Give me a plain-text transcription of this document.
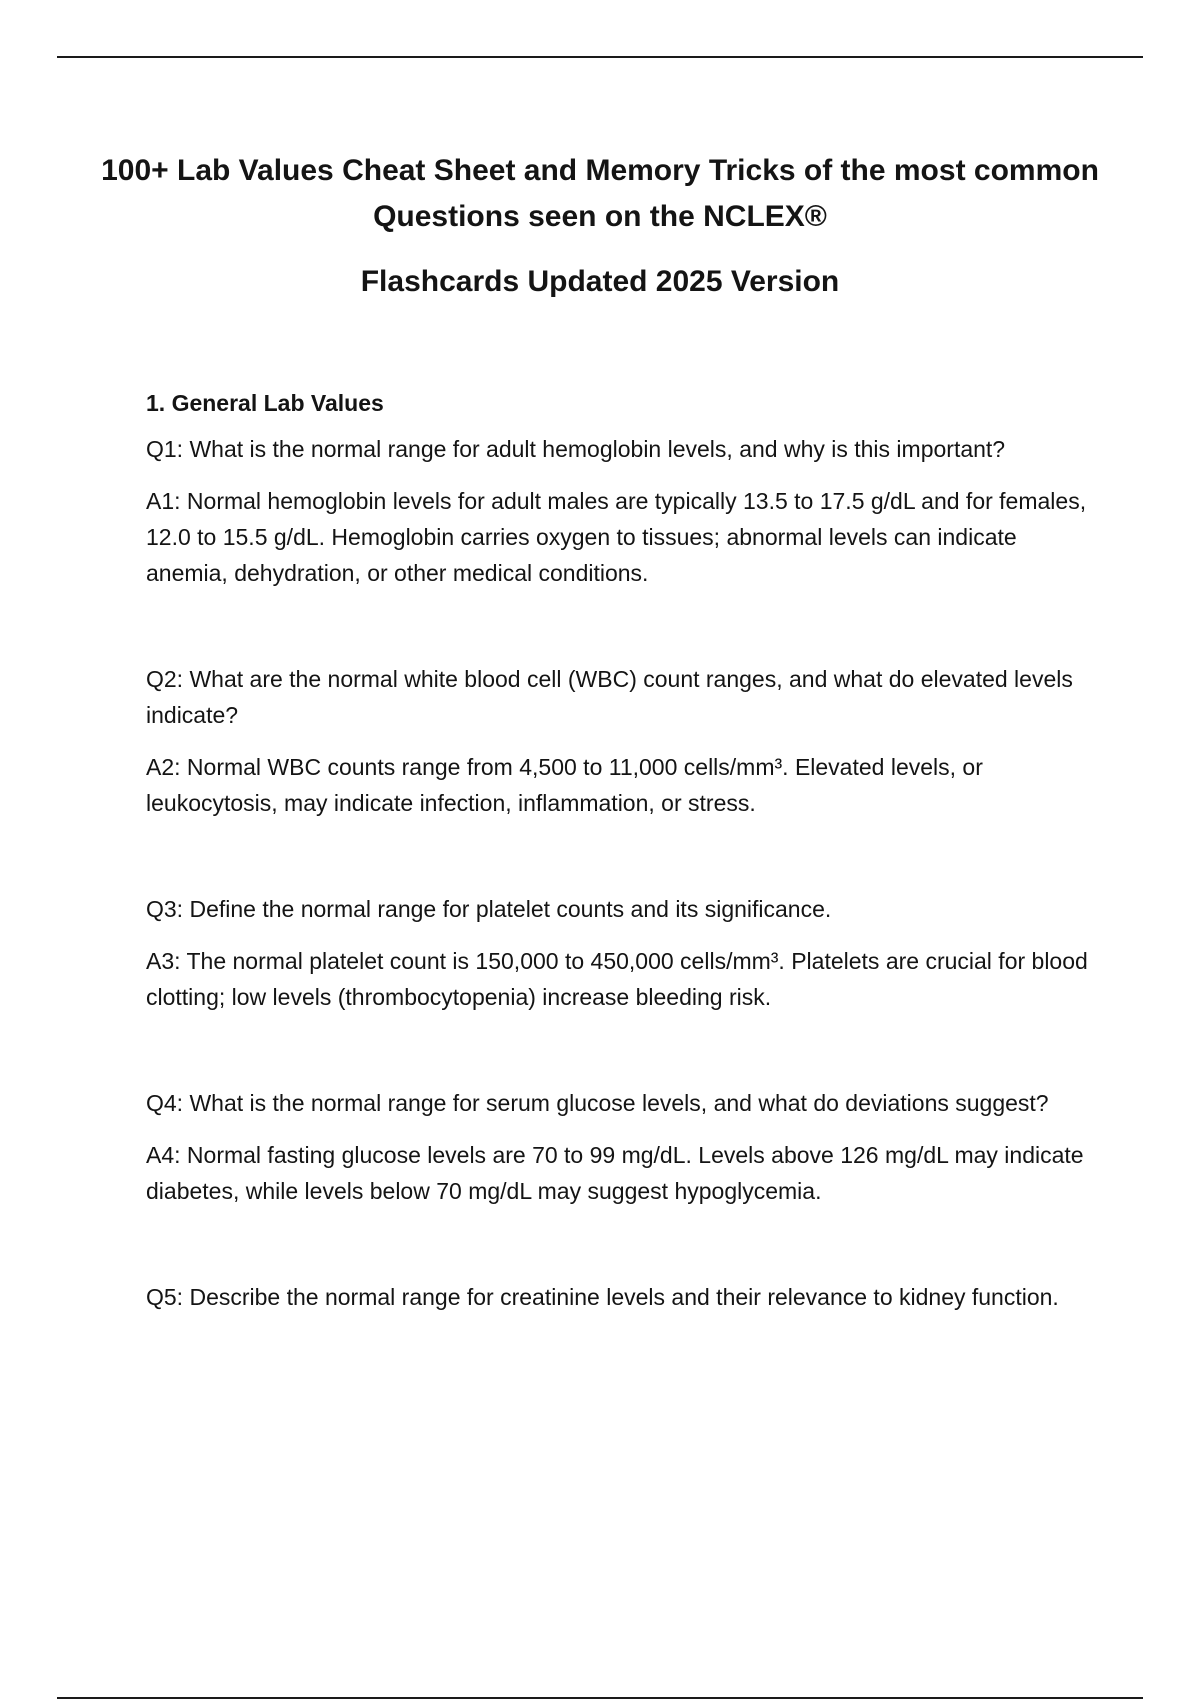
100+ Lab Values Cheat Sheet and Memory Tricks of the most common Questions seen on the NCLEX®

Flashcards Updated 2025 Version

1. General Lab Values

Q1: What is the normal range for adult hemoglobin levels, and why is this important?

A1: Normal hemoglobin levels for adult males are typically 13.5 to 17.5 g/dL and for females, 12.0 to 15.5 g/dL. Hemoglobin carries oxygen to tissues; abnormal levels can indicate anemia, dehydration, or other medical conditions.

Q2: What are the normal white blood cell (WBC) count ranges, and what do elevated levels indicate?

A2: Normal WBC counts range from 4,500 to 11,000 cells/mm³. Elevated levels, or leukocytosis, may indicate infection, inflammation, or stress.

Q3: Define the normal range for platelet counts and its significance.

A3: The normal platelet count is 150,000 to 450,000 cells/mm³. Platelets are crucial for blood clotting; low levels (thrombocytopenia) increase bleeding risk.

Q4: What is the normal range for serum glucose levels, and what do deviations suggest?

A4: Normal fasting glucose levels are 70 to 99 mg/dL. Levels above 126 mg/dL may indicate diabetes, while levels below 70 mg/dL may suggest hypoglycemia.

Q5: Describe the normal range for creatinine levels and their relevance to kidney function.
